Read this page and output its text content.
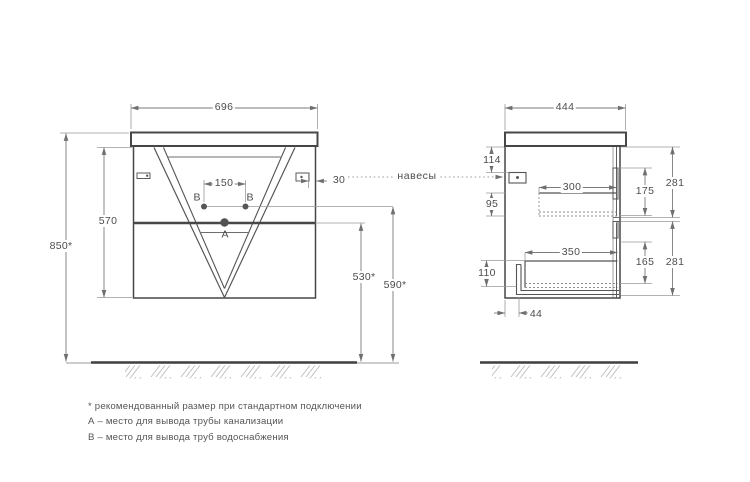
696
850*
570
150	30
530*
590*
В	В
А
444
114
95
110
44
300
350
175
165
281
281
навесы
* рекомендованный размер при стандартном подключении
А – место для вывода трубы канализации
В – место для вывода труб водоснабжения
